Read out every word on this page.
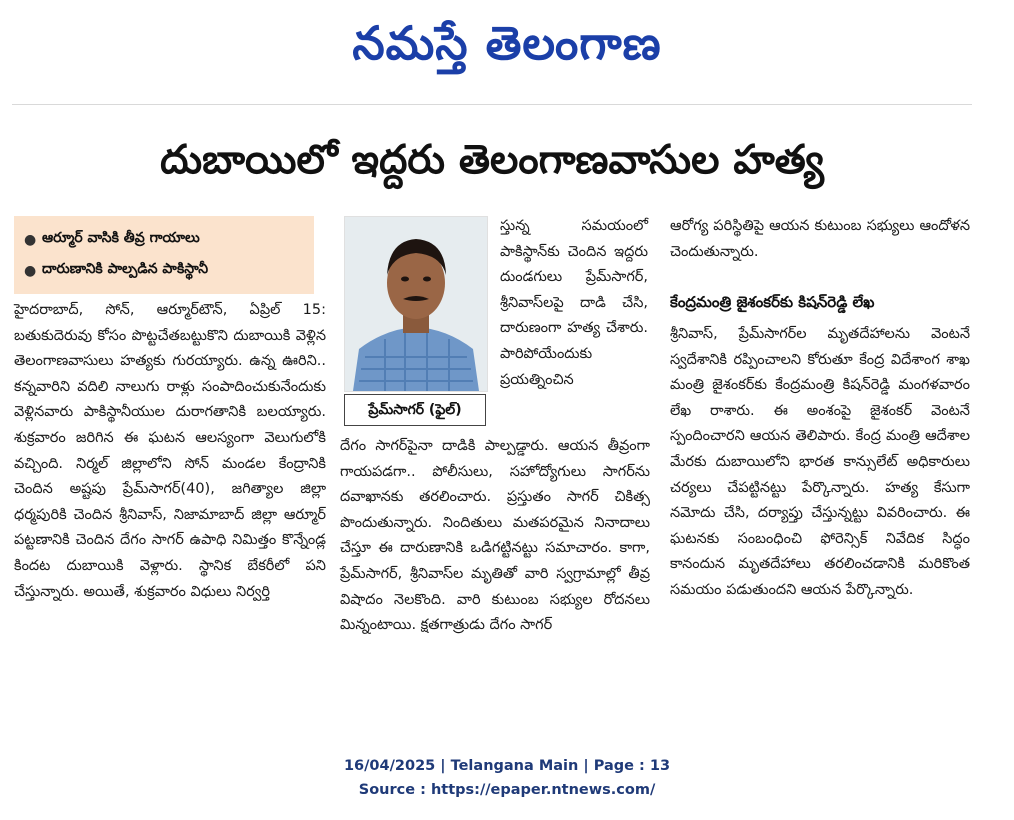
నమస్తే తెలంగాణ
దుబాయిలో ఇద్దరు తెలంగాణవాసుల హత్య
● ఆర్మూర్ వాసికి తీవ్ర గాయాలు
● దారుణానికి పాల్పడిన పాకిస్థానీ

హైదరాబాద్, సోన్, ఆర్మూర్‌టౌన్, ఏప్రిల్ 15: బతుకుదెరువు కోసం పొట్టచేతబట్టుకొని దుబాయికి వెళ్లిన తెలంగాణవాసులు హత్యకు గురయ్యారు. ఉన్న ఊరిని.. కన్నవారిని వదిలి నాలుగు రాళ్లు సంపాదించుకునేందుకు వెళ్లినవారు పాకిస్థానీయుల దురాగతానికి బలయ్యారు. శుక్రవారం జరిగిన ఈ ఘటన ఆలస్యంగా వెలుగులోకి వచ్చింది. నిర్మల్ జిల్లాలోని సోన్ మండల కేంద్రానికి చెందిన అష్టపు ప్రేమ్‌సాగర్(40), జగిత్యాల జిల్లా ధర్మపురికి చెందిన శ్రీనివాస్, నిజామాబాద్ జిల్లా ఆర్మూర్ పట్టణానికి చెందిన దేగం సాగర్ ఉపాధి నిమిత్తం కొన్నేండ్ల కిందట దుబాయికి వెళ్లారు. స్థానిక బేకరీలో పని చేస్తున్నారు. అయితే, శుక్రవారం విధులు నిర్వర్తి

ప్రేమ్‌సాగర్ (ఫైల్)

స్తున్న సమయంలో పాకిస్థాన్‌కు చెందిన ఇద్దరు దుండగులు ప్రేమ్‌సాగర్, శ్రీనివాస్‌లపై దాడి చేసి, దారుణంగా హత్య చేశారు. పారిపోయేందుకు ప్రయత్నించిన

దేగం సాగర్‌పైనా దాడికి పాల్పడ్డారు. ఆయన తీవ్రంగా గాయపడగా.. పోలీసులు, సహోద్యోగులు సాగర్‌ను దవాఖానకు తరలించారు. ప్రస్తుతం సాగర్ చికిత్స పొందుతున్నారు. నిందితులు మతపరమైన నినాదాలు చేస్తూ ఈ దారుణానికి ఒడిగట్టినట్టు సమాచారం. కాగా, ప్రేమ్‌సాగర్, శ్రీనివాస్‌ల మృతితో వారి స్వగ్రామాల్లో తీవ్ర విషాదం నెలకొంది. వారి కుటుంబ సభ్యుల రోదనలు మిన్నంటాయి. క్షతగాత్రుడు దేగం సాగర్

ఆరోగ్య పరిస్థితిపై ఆయన కుటుంబ సభ్యులు ఆందోళన చెందుతున్నారు.

కేంద్రమంత్రి జైశంకర్‌కు కిషన్‌రెడ్డి లేఖ

శ్రీనివాస్, ప్రేమ్‌సాగర్‌ల మృతదేహాలను వెంటనే స్వదేశానికి రప్పించాలని కోరుతూ కేంద్ర విదేశాంగ శాఖ మంత్రి జైశంకర్‌కు కేంద్రమంత్రి కిషన్‌రెడ్డి మంగళవారం లేఖ రాశారు. ఈ అంశంపై జైశంకర్ వెంటనే స్పందించారని ఆయన తెలిపారు. కేంద్ర మంత్రి ఆదేశాల మేరకు దుబాయిలోని భారత కాన్సులేట్ అధికారులు చర్యలు చేపట్టినట్టు పేర్కొన్నారు. హత్య కేసుగా నమోదు చేసి, దర్యాప్తు చేస్తున్నట్టు వివరించారు. ఈ ఘటనకు సంబంధించి ఫోరెన్సిక్ నివేదిక సిద్ధం కానందున మృతదేహాలు తరలించడానికి మరికొంత సమయం పడుతుందని ఆయన పేర్కొన్నారు.

16/04/2025 | Telangana Main | Page : 13
Source : https://epaper.ntnews.com/
